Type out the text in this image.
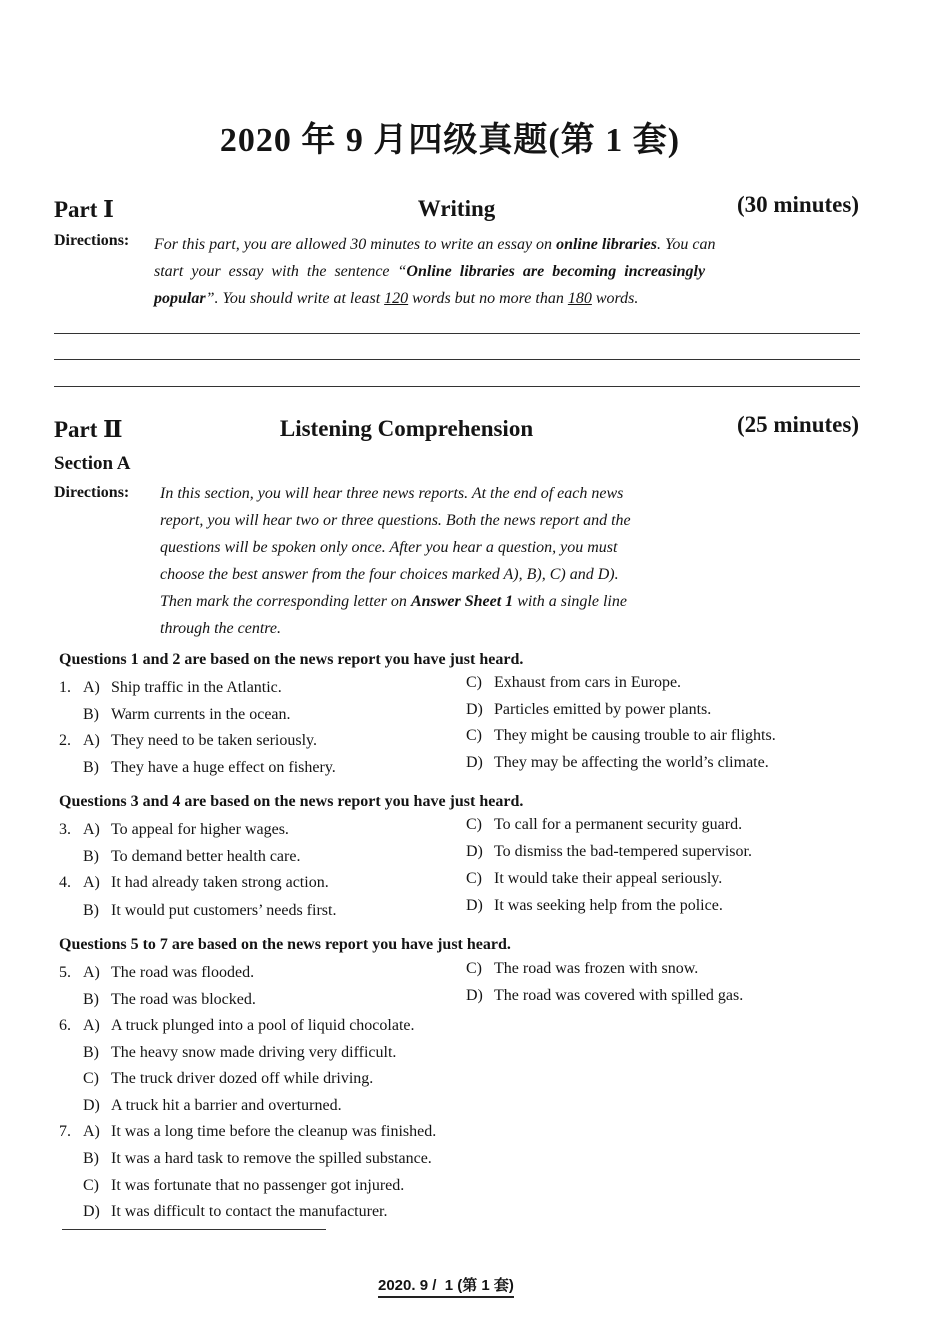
2020 年 9 月四级真题(第 1 套)
Part Ⅰ	Writing	(30 minutes)
Directions: For this part, you are allowed 30 minutes to write an essay on online libraries. You can
start your essay with the sentence “Online libraries are becoming increasingly
popular”. You should write at least 120 words but no more than 180 words.
Part Ⅱ	Listening Comprehension	(25 minutes)
Section A
Directions: In this section, you will hear three news reports. At the end of each news
report, you will hear two or three questions. Both the news report and the
questions will be spoken only once. After you hear a question, you must
choose the best answer from the four choices marked A), B), C) and D).
Then mark the corresponding letter on Answer Sheet 1 with a single line
through the centre.
Questions 1 and 2 are based on the news report you have just heard.
1. A) Ship traffic in the Atlantic.
B) Warm currents in the ocean.
C) Exhaust from cars in Europe.
D) Particles emitted by power plants.
2. A) They need to be taken seriously.
B) They have a huge effect on fishery.
C) They might be causing trouble to air flights.
D) They may be affecting the world’s climate.
Questions 3 and 4 are based on the news report you have just heard.
3. A) To appeal for higher wages.
B) To demand better health care.
C) To call for a permanent security guard.
D) To dismiss the bad-tempered supervisor.
4. A) It had already taken strong action.
B) It would put customers’ needs first.
C) It would take their appeal seriously.
D) It was seeking help from the police.
Questions 5 to 7 are based on the news report you have just heard.
5. A) The road was flooded.
B) The road was blocked.
C) The road was frozen with snow.
D) The road was covered with spilled gas.
6. A) A truck plunged into a pool of liquid chocolate.
B) The heavy snow made driving very difficult.
C) The truck driver dozed off while driving.
D) A truck hit a barrier and overturned.
7. A) It was a long time before the cleanup was finished.
B) It was a hard task to remove the spilled substance.
C) It was fortunate that no passenger got injured.
D) It was difficult to contact the manufacturer.
2020. 9 /  1 (第 1 套)
